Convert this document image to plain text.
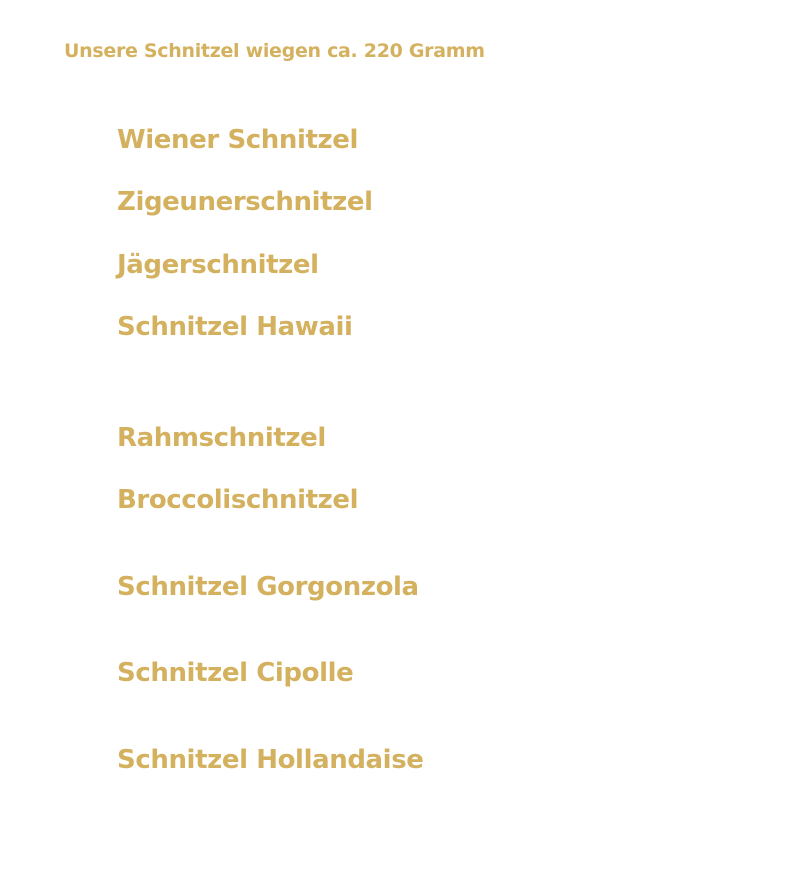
Unsere Schnitzel wiegen ca. 220 Gramm

Wiener Schnitzel
Zigeunerschnitzel
Jägerschnitzel
Schnitzel Hawaii
Rahmschnitzel
Broccolischnitzel
Schnitzel Gorgonzola
Schnitzel Cipolle
Schnitzel Hollandaise
